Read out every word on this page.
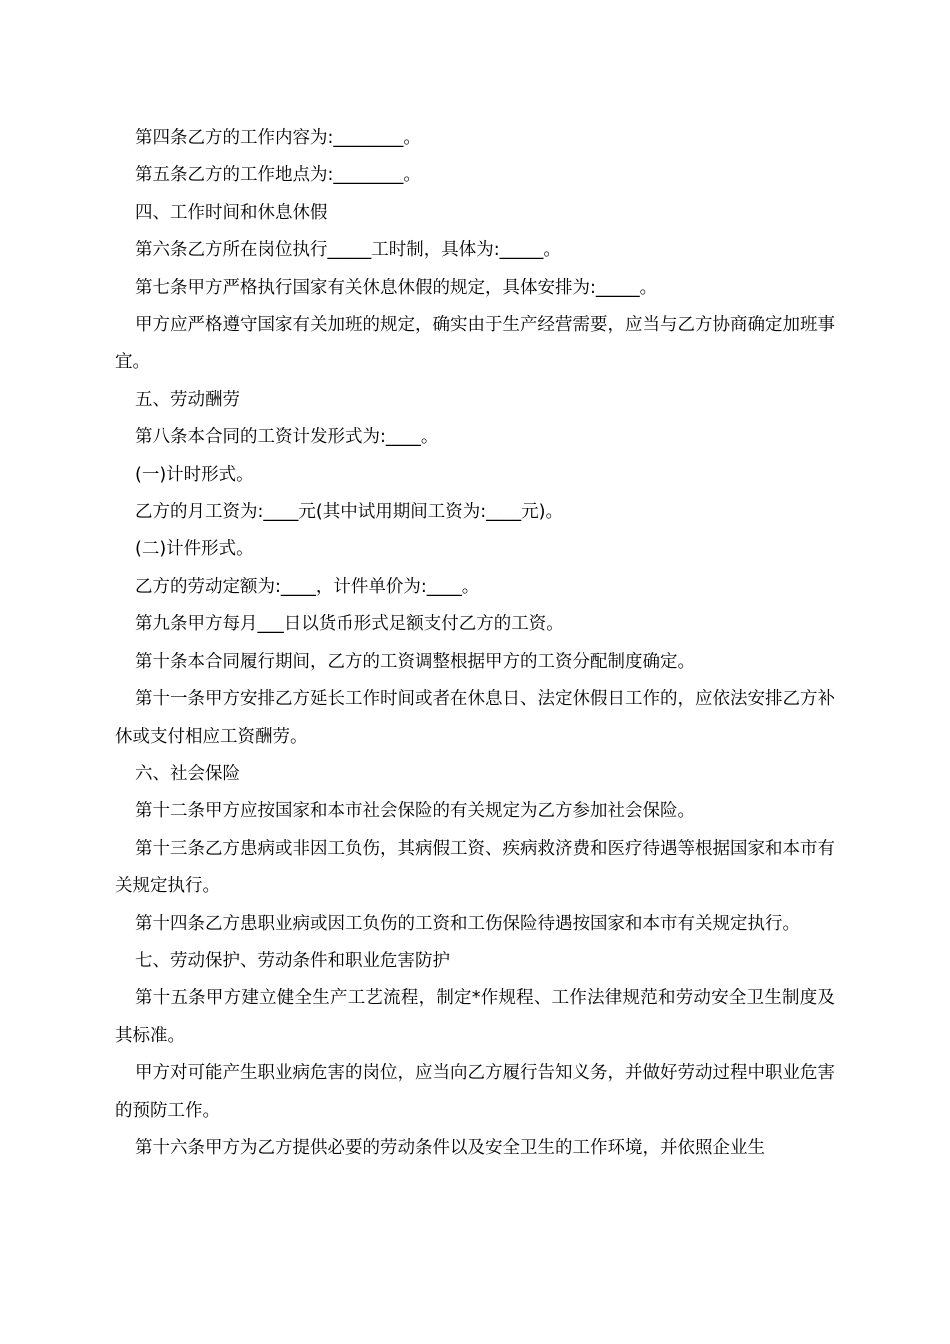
第四条乙方的工作内容为:________。

第五条乙方的工作地点为:________。

四、工作时间和休息休假

第六条乙方所在岗位执行_____工时制，具体为:_____。

第七条甲方严格执行国家有关休息休假的规定，具体安排为:_____。

甲方应严格遵守国家有关加班的规定，确实由于生产经营需要，应当与乙方协商确定加班事宜。

五、劳动酬劳

第八条本合同的工资计发形式为:____。

(一)计时形式。

乙方的月工资为:____元(其中试用期间工资为:____元)。

(二)计件形式。

乙方的劳动定额为:____，计件单价为:____。

第九条甲方每月___日以货币形式足额支付乙方的工资。

第十条本合同履行期间，乙方的工资调整根据甲方的工资分配制度确定。

第十一条甲方安排乙方延长工作时间或者在休息日、法定休假日工作的，应依法安排乙方补休或支付相应工资酬劳。

六、社会保险

第十二条甲方应按国家和本市社会保险的有关规定为乙方参加社会保险。

第十三条乙方患病或非因工负伤，其病假工资、疾病救济费和医疗待遇等根据国家和本市有关规定执行。

第十四条乙方患职业病或因工负伤的工资和工伤保险待遇按国家和本市有关规定执行。

七、劳动保护、劳动条件和职业危害防护

第十五条甲方建立健全生产工艺流程，制定*作规程、工作法律规范和劳动安全卫生制度及其标准。

甲方对可能产生职业病危害的岗位，应当向乙方履行告知义务，并做好劳动过程中职业危害的预防工作。

第十六条甲方为乙方提供必要的劳动条件以及安全卫生的工作环境，并依照企业生
